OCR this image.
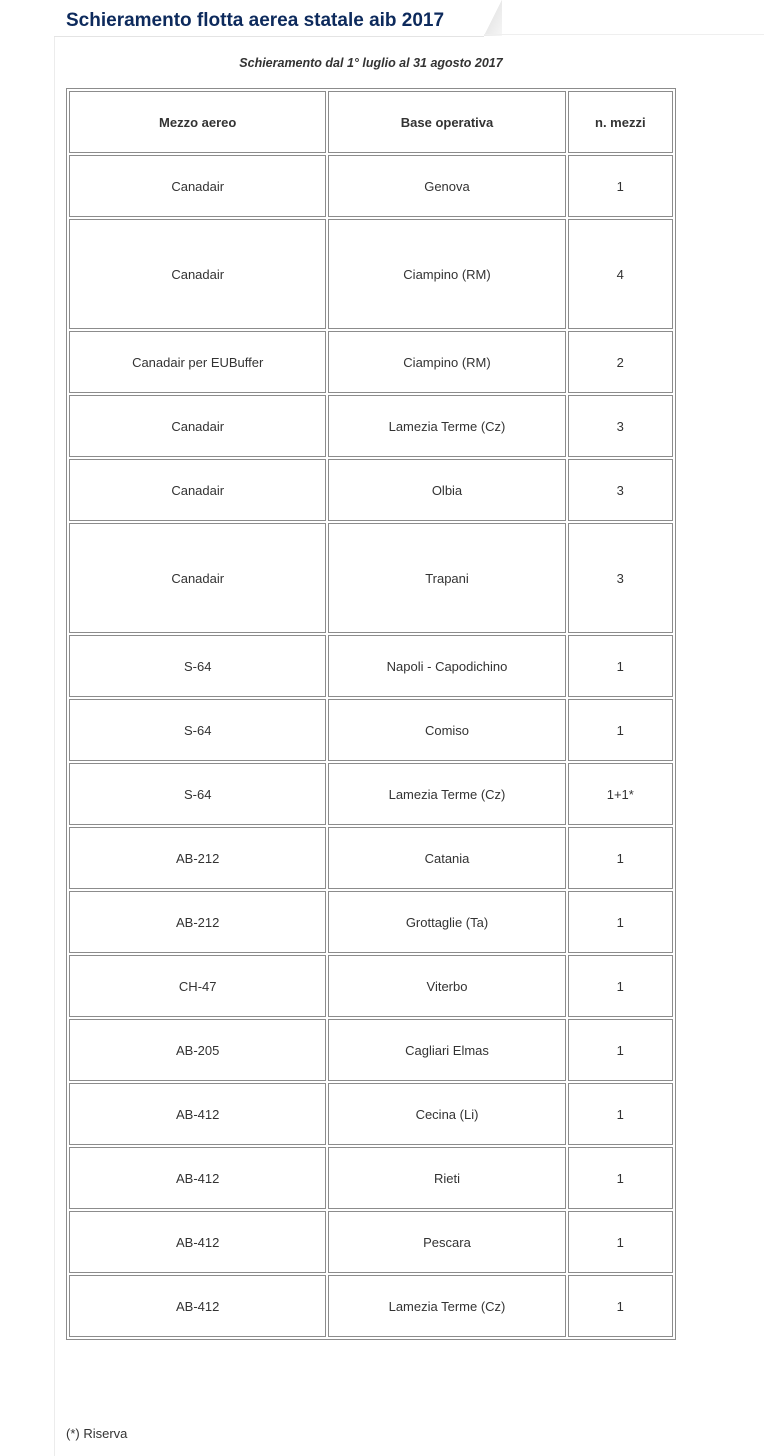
Schieramento flotta aerea statale aib 2017
Schieramento dal 1° luglio al 31 agosto 2017
Mezzo aereo	Base operativa	n. mezzi
Canadair	Genova	1
Canadair	Ciampino (RM)	4
Canadair per EUBuffer	Ciampino (RM)	2
Canadair	Lamezia Terme (Cz)	3
Canadair	Olbia	3
Canadair	Trapani	3
S-64	Napoli - Capodichino	1
S-64	Comiso	1
S-64	Lamezia Terme (Cz)	1+1*
AB-212	Catania	1
AB-212	Grottaglie (Ta)	1
CH-47	Viterbo	1
AB-205	Cagliari Elmas	1
AB-412	Cecina (Li)	1
AB-412	Rieti	1
AB-412	Pescara	1
AB-412	Lamezia Terme (Cz)	1
(*) Riserva
